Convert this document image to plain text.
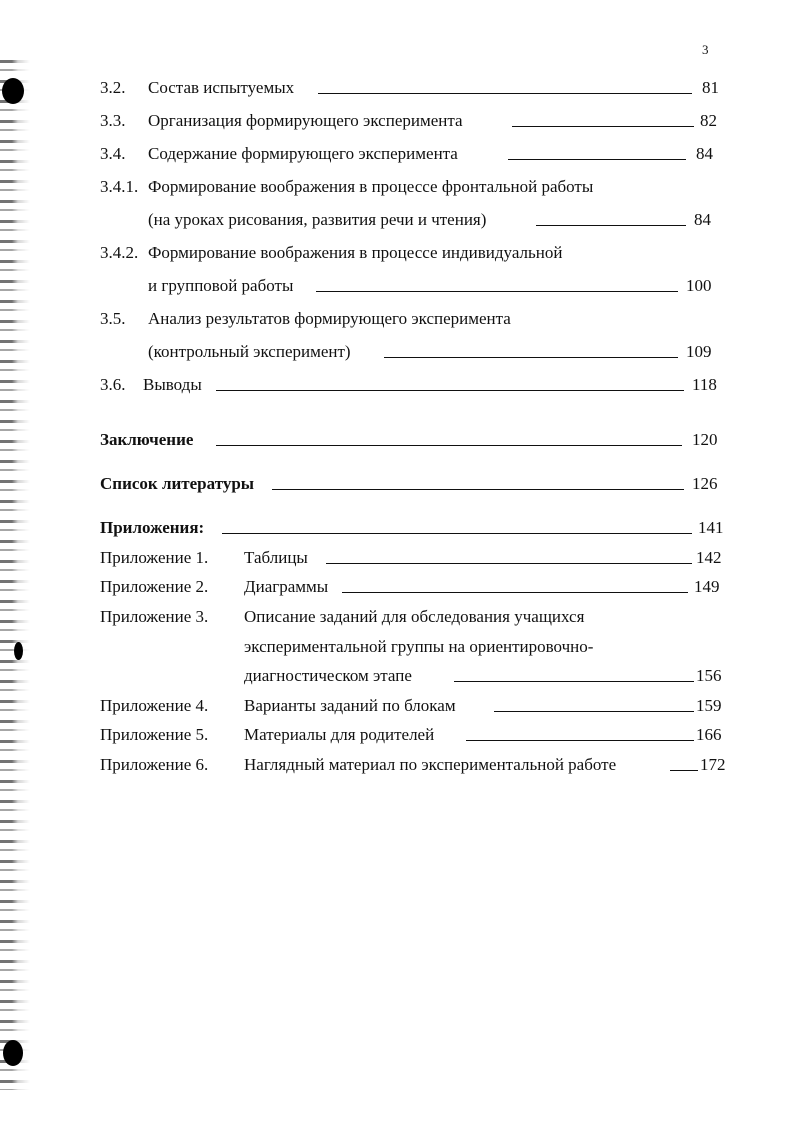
3
3.2. Состав испытуемых	81
3.3. Организация формирующего эксперимента	82
3.4. Содержание формирующего эксперимента	84
3.4.1. Формирование воображения в процессе фронтальной работы
(на уроках рисования, развития речи и чтения)	84
3.4.2. Формирование воображения в процессе индивидуальной
и групповой работы	100
3.5. Анализ результатов формирующего эксперимента
(контрольный эксперимент)	109
3.6. Выводы	118
Заключение	120
Список литературы	126
Приложения:	141
Приложение 1. Таблицы	142
Приложение 2. Диаграммы	149
Приложение 3. Описание заданий для обследования учащихся
экспериментальной группы на ориентировочно-
диагностическом этапе	156
Приложение 4. Варианты заданий по блокам	159
Приложение 5. Материалы для родителей	166
Приложение 6. Наглядный материал по экспериментальной работе	172
